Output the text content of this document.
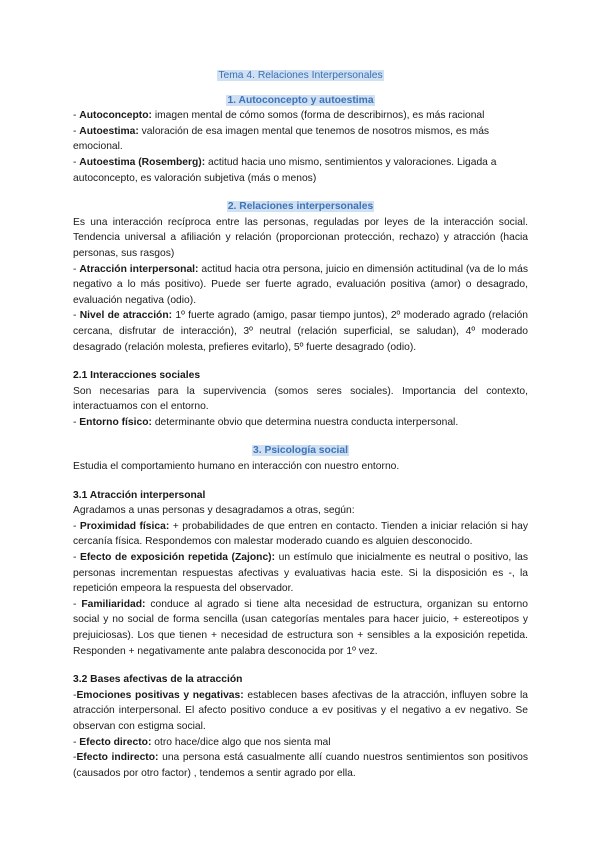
Tema 4. Relaciones Interpersonales

1. Autoconcepto y autoestima

- Autoconcepto: imagen mental de cómo somos (forma de describirnos), es más racional

- Autoestima: valoración de esa imagen mental que tenemos de nosotros mismos, es más emocional.

- Autoestima (Rosemberg): actitud hacia uno mismo, sentimientos y valoraciones. Ligada a autoconcepto, es valoración subjetiva (más o menos)

2. Relaciones interpersonales

Es una interacción recíproca entre las personas, reguladas por leyes de la interacción social. Tendencia universal a afiliación y relación (proporcionan protección, rechazo) y atracción (hacia personas, sus rasgos)

- Atracción interpersonal: actitud hacia otra persona, juicio en dimensión actitudinal (va de lo más negativo a lo más positivo). Puede ser fuerte agrado, evaluación positiva (amor) o desagrado, evaluación negativa (odio).

- Nivel de atracción: 1º fuerte agrado (amigo, pasar tiempo juntos), 2º moderado agrado (relación cercana, disfrutar de interacción), 3º neutral (relación superficial, se saludan), 4º moderado desagrado (relación molesta, prefieres evitarlo), 5º fuerte desagrado (odio).

2.1 Interacciones sociales

Son necesarias para la supervivencia (somos seres sociales). Importancia del contexto, interactuamos con el entorno.

- Entorno físico: determinante obvio que determina nuestra conducta interpersonal.

3. Psicología social

Estudia el comportamiento humano en interacción con nuestro entorno.

3.1 Atracción interpersonal

Agradamos a unas personas y desagradamos a otras, según:

- Proximidad física: + probabilidades de que entren en contacto. Tienden a iniciar relación si hay cercanía física. Respondemos con malestar moderado cuando es alguien desconocido.

- Efecto de exposición repetida (Zajonc): un estímulo que inicialmente es neutral o positivo, las personas incrementan respuestas afectivas y evaluativas hacia este. Si la disposición es -, la repetición empeora la respuesta del observador.

- Familiaridad: conduce al agrado si tiene alta necesidad de estructura, organizan su entorno social y no social de forma sencilla (usan categorías mentales para hacer juicio, + estereotipos y prejuiciosas). Los que tienen + necesidad de estructura son + sensibles a la exposición repetida. Responden + negativamente ante palabra desconocida por 1º vez.

3.2 Bases afectivas de la atracción

-Emociones positivas y negativas: establecen bases afectivas de la atracción, influyen sobre la atracción interpersonal. El afecto positivo conduce a ev positivas y el negativo a ev negativo. Se observan con estigma social.

- Efecto directo: otro hace/dice algo que nos sienta mal

-Efecto indirecto: una persona está casualmente allí cuando nuestros sentimientos son positivos (causados por otro factor) , tendemos a sentir agrado por ella.
